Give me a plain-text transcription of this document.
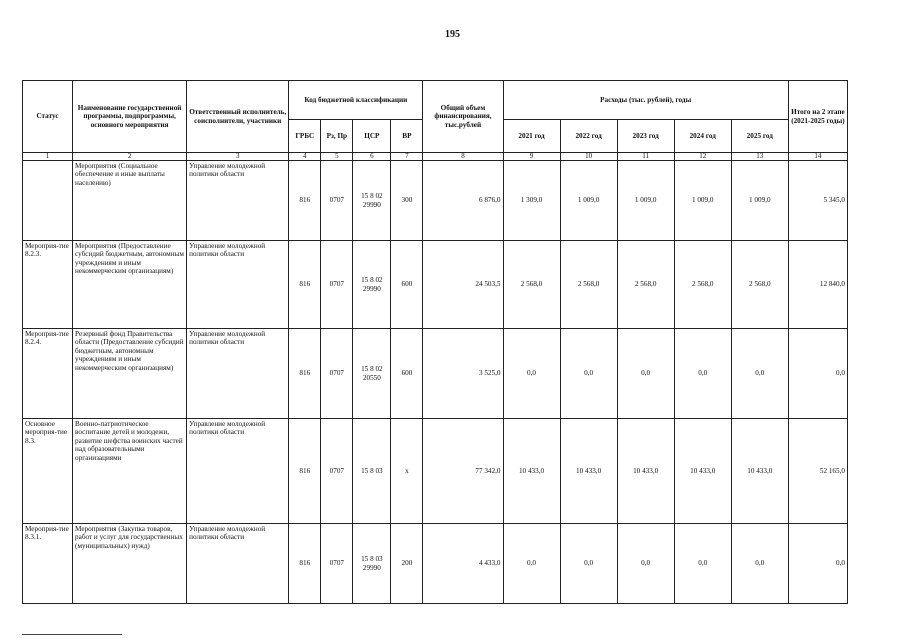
195
Статус	Наименование государственной программы, подпрограммы, основного мероприятия	Ответственный исполнитель, соисполнители, участники	Код бюджетной классификации				Общий объем финансирования, тыс.рублей	Расходы (тыс. рублей), годы					Итого на 2 этапе (2021-2025 годы)
			ГРБС	Рз, Пр	ЦСР	ВР		2021 год	2022 год	2023 год	2024 год	2025 год	
1	2	3	4	5	6	7	8	9	10	11	12	13	14
	Мероприятия (Социальное обеспечение и иные выплаты населению)	Управление молодежной политики области	816	0707	15 8 02 29990	300	6 876,0	1 309,0	1 009,0	1 009,0	1 009,0	1 009,0	5 345,0
Мероприя-тие 8.2.3.	Мероприятия (Предоставление субсидий бюджетным, автономным учреждениям и иным некоммерческим организациям)	Управление молодежной политики области	816	0707	15 8 02 29990	600	24 503,5	2 568,0	2 568,0	2 568,0	2 568,0	2 568,0	12 840,0
Мероприя-тие 8.2.4.	Резервный фонд Правительства области (Предоставление субсидий бюджетным, автономным учреждениям и иным некоммерческим организациям)	Управление молодежной политики области	816	0707	15 8 02 20550	600	3 525,0	0,0	0,0	0,0	0,0	0,0	0,0
Основное мероприя-тие 8.3.	Военно-патриотическое воспитание детей и молодежи, развитие шефства воинских частей над образовательными организациями	Управление молодежной политики области	816	0707	15 8 03	х	77 342,0	10 433,0	10 433,0	10 433,0	10 433,0	10 433,0	52 165,0
Мероприя-тие 8.3.1.	Мероприятия (Закупка товаров, работ и услуг для государственных (муниципальных) нужд)	Управление молодежной политики области	816	0707	15 8 03 29990	200	4 433,0	0,0	0,0	0,0	0,0	0,0	0,0
